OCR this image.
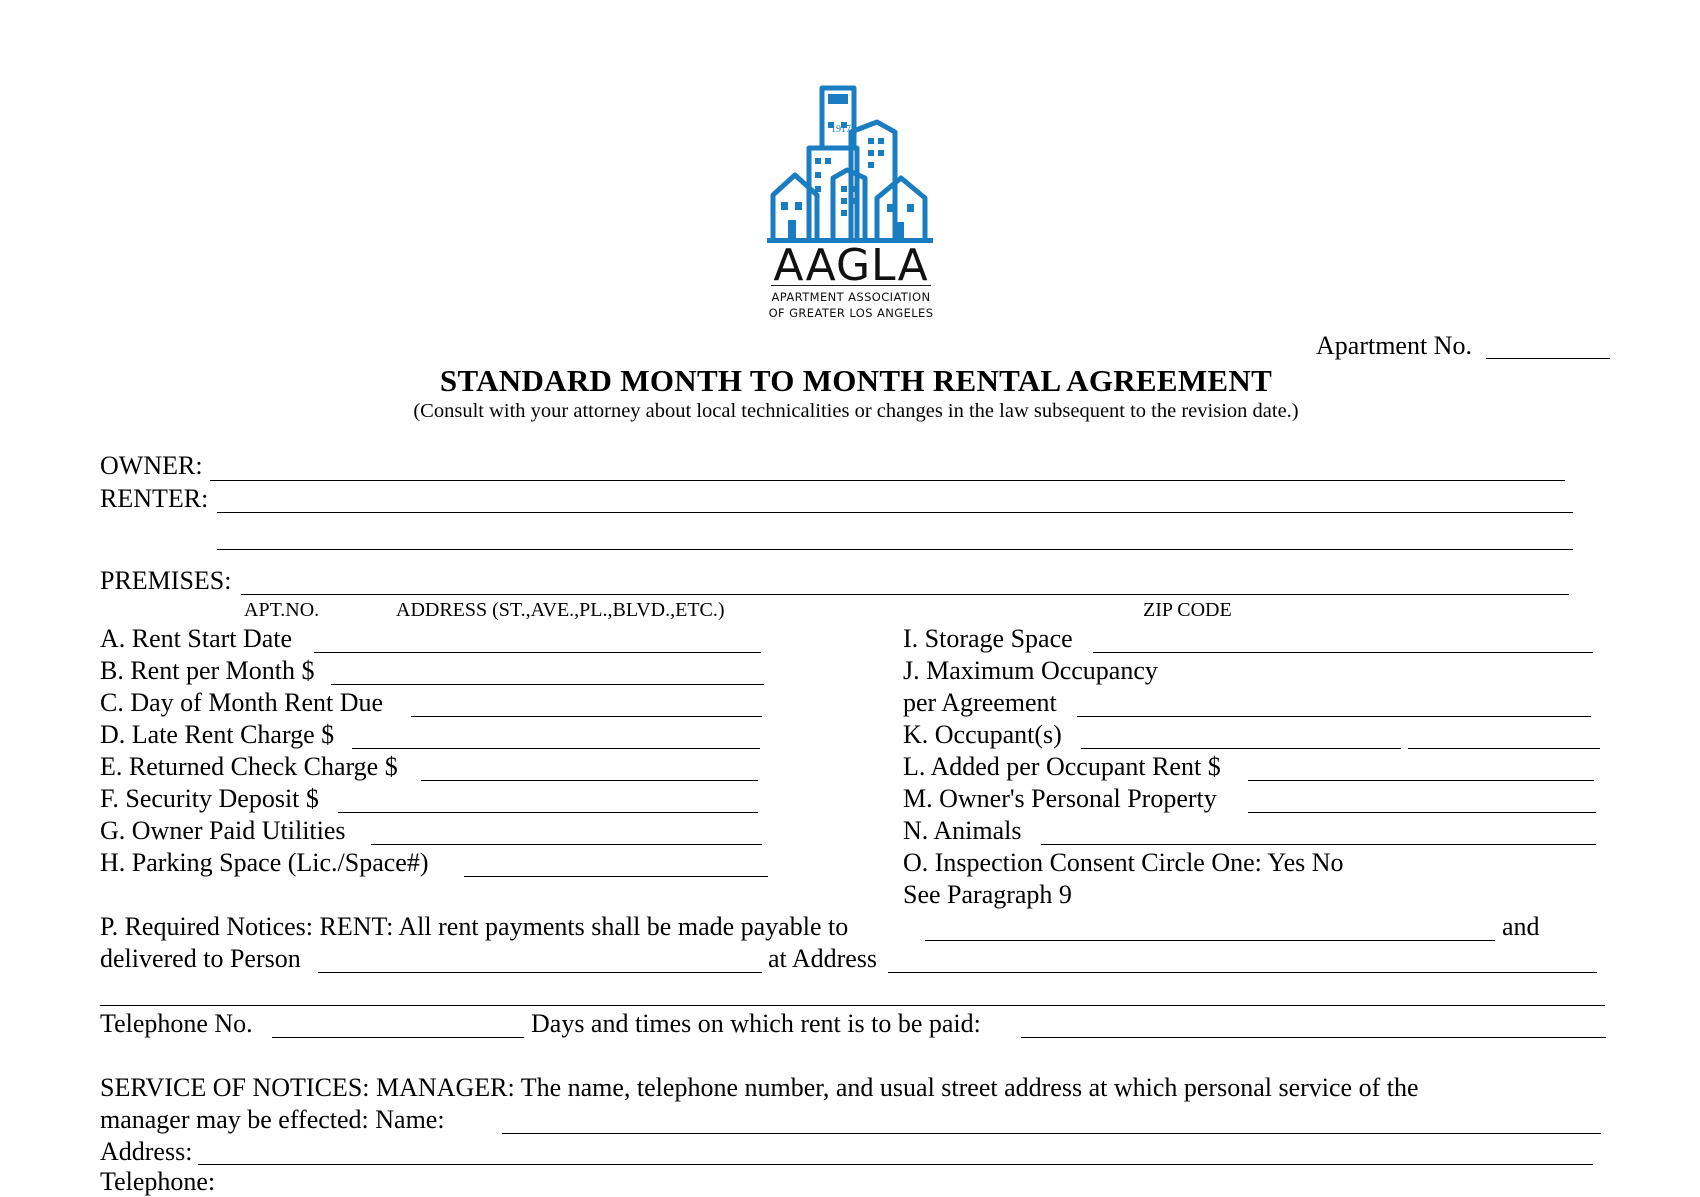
1917
AAGLA
APARTMENT ASSOCIATION
OF GREATER LOS ANGELES
Apartment No.
STANDARD MONTH TO MONTH RENTAL AGREEMENT
(Consult with your attorney about local technicalities or changes in the law subsequent to the revision date.)
OWNER:
RENTER:
PREMISES:
APT.NO.	ADDRESS (ST.,AVE.,PL.,BLVD.,ETC.)	ZIP CODE
A. Rent Start Date
B. Rent per Month $
C. Day of Month Rent Due
D. Late Rent Charge $
E. Returned Check Charge $
F. Security Deposit $
G. Owner Paid Utilities
H. Parking Space (Lic./Space#)
I. Storage Space
J. Maximum Occupancy
per Agreement
K. Occupant(s)
L. Added per Occupant Rent $
M. Owner's Personal Property
N. Animals
O. Inspection Consent Circle One: Yes No
See Paragraph 9
P. Required Notices: RENT: All rent payments shall be made payable to	and
delivered to Person	at Address
Telephone No.	Days and times on which rent is to be paid:
SERVICE OF NOTICES: MANAGER: The name, telephone number, and usual street address at which personal service of the
manager may be effected: Name:
Address:
Telephone:
